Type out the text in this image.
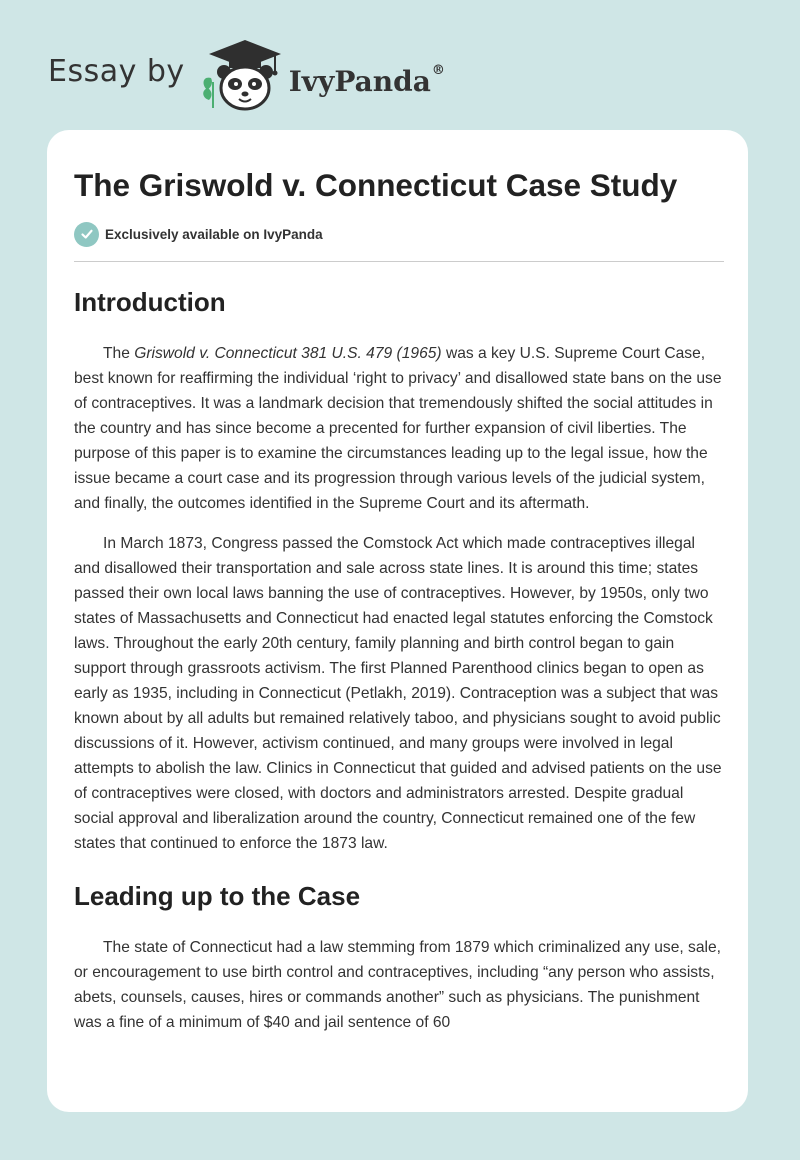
Essay by	IvyPanda®
The Griswold v. Connecticut Case Study
Exclusively available on IvyPanda
Introduction

The Griswold v. Connecticut 381 U.S. 479 (1965) was a key U.S. Supreme Court Case, best known for reaffirming the individual ‘right to privacy’ and disallowed state bans on the use of contraceptives. It was a landmark decision that tremendously shifted the social attitudes in the country and has since become a precented for further expansion of civil liberties. The purpose of this paper is to examine the circumstances leading up to the legal issue, how the issue became a court case and its progression through various levels of the judicial system, and finally, the outcomes identified in the Supreme Court and its aftermath.

In March 1873, Congress passed the Comstock Act which made contraceptives illegal and disallowed their transportation and sale across state lines. It is around this time; states passed their own local laws banning the use of contraceptives. However, by 1950s, only two states of Massachusetts and Connecticut had enacted legal statutes enforcing the Comstock laws. Throughout the early 20th century, family planning and birth control began to gain support through grassroots activism. The first Planned Parenthood clinics began to open as early as 1935, including in Connecticut (Petlakh, 2019). Contraception was a subject that was known about by all adults but remained relatively taboo, and physicians sought to avoid public discussions of it. However, activism continued, and many groups were involved in legal attempts to abolish the law. Clinics in Connecticut that guided and advised patients on the use of contraceptives were closed, with doctors and administrators arrested. Despite gradual social approval and liberalization around the country, Connecticut remained one of the few states that continued to enforce the 1873 law.

Leading up to the Case

The state of Connecticut had a law stemming from 1879 which criminalized any use, sale, or encouragement to use birth control and contraceptives, including “any person who assists, abets, counsels, causes, hires or commands another” such as physicians. The punishment was a fine of a minimum of $40 and jail sentence of 60
